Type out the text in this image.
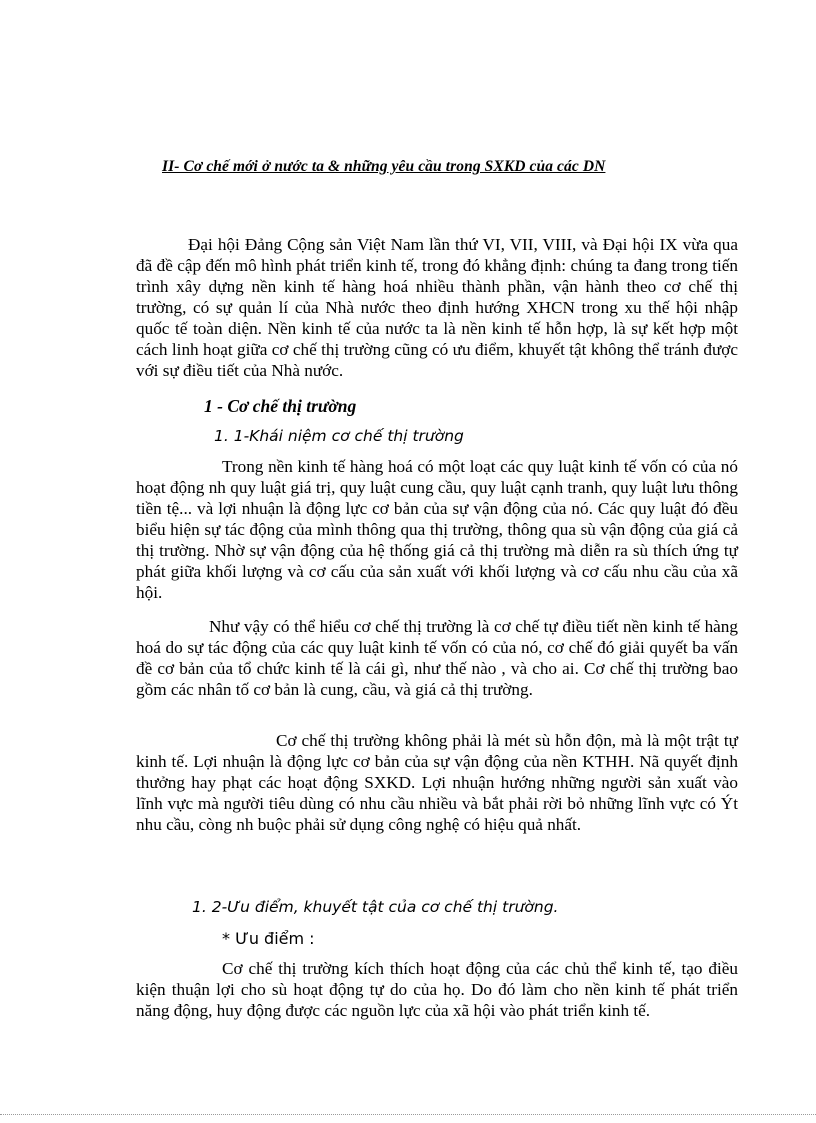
II- Cơ chế mới ở nước ta & những yêu cầu trong SXKD của các DN

Đại hội Đảng Cộng sản Việt Nam lần thứ VI, VII, VIII, và Đại hội IX vừa qua đã đề cập đến mô hình phát triển kinh tế, trong đó khẳng định: chúng ta đang trong tiến trình xây dựng nền kinh tế hàng hoá nhiều thành phần, vận hành theo cơ chế thị trường, có sự quản lí của Nhà nước theo định hướng XHCN trong xu thế hội nhập quốc tế toàn diện. Nền kinh tế của nước ta là nền kinh tế hỗn hợp, là sự kết hợp một cách linh hoạt giữa cơ chế thị trường cũng có ưu điểm, khuyết tật không thể tránh được với sự điều tiết của Nhà nước.

1 - Cơ chế thị trường
1. 1-Khái niệm cơ chế thị trường

Trong nền kinh tế hàng hoá có một loạt các quy luật kinh tế vốn có của nó hoạt động nh quy luật giá trị, quy luật cung cầu, quy luật cạnh tranh, quy luật lưu thông tiền tệ... và lợi nhuận là động lực cơ bản của sự vận động của nó. Các quy luật đó đều biểu hiện sự tác động của mình thông qua thị trường, thông qua sù vận động của giá cả thị trường. Nhờ sự vận động của hệ thống giá cả thị trường mà diễn ra sù thích ứng tự phát giữa khối lượng và cơ cấu của sản xuất với khối lượng và cơ cấu nhu cầu của xã hội.

Như vậy có thể hiểu cơ chế thị trường là cơ chế tự điều tiết nền kinh tế hàng hoá do sự tác động của các quy luật kinh tế vốn có của nó, cơ chế đó giải quyết ba vấn đề cơ bản của tổ chức kinh tế là cái gì, như thế nào , và cho ai. Cơ chế thị trường bao gồm các nhân tố cơ bản là cung, cầu, và giá cả thị trường.

Cơ chế thị trường không phải là mét sù hỗn độn, mà là một trật tự kinh tế. Lợi nhuận là động lực cơ bản của sự vận động của nền KTHH. Nã quyết định thưởng hay phạt các hoạt động SXKD. Lợi nhuận hướng những người sản xuất vào lĩnh vực mà người tiêu dùng có nhu cầu nhiều và bắt phải rời bỏ những lĩnh vực có Ýt nhu cầu, còng nh buộc phải sử dụng công nghệ có hiệu quả nhất.

1. 2-Ưu điểm, khuyết tật của cơ chế thị trường.
* Ưu điểm :

Cơ chế thị trường kích thích hoạt động của các chủ thể kinh tế, tạo điều kiện thuận lợi cho sù hoạt động tự do của họ. Do đó làm cho nền kinh tế phát triển năng động, huy động được các nguồn lực của xã hội vào phát triển kinh tế.
